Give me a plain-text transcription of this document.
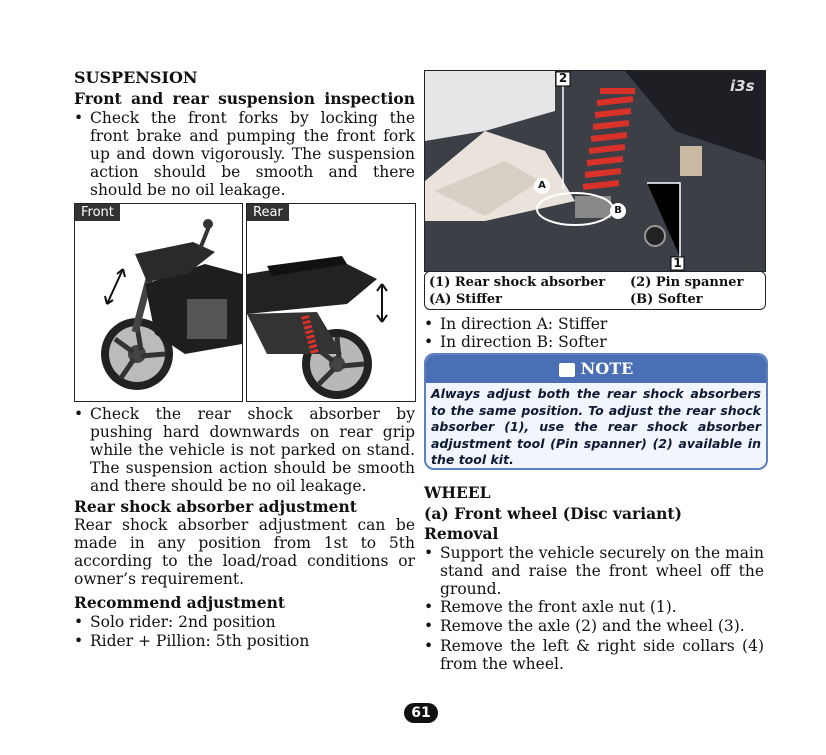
SUSPENSION
Front and rear suspension inspection
• Check the front forks by locking the front brake and pumping the front fork up and down vigorously. The suspension action should be smooth and there should be no oil leakage.
Front	Rear
• Check the rear shock absorber by pushing hard downwards on rear grip while the vehicle is not parked on stand. The suspension action should be smooth and there should be no oil leakage.
Rear shock absorber adjustment
Rear shock absorber adjustment can be made in any position from 1st to 5th according to the load/road conditions or owner’s requirement.
Recommend adjustment
• Solo rider: 2nd position
• Rider + Pillion: 5th position
2
1
A
B
i3s
(1) Rear shock absorber (2) Pin spanner
(A) Stiffer	(B) Softer
• In direction A: Stiffer
• In direction B: Softer
NOTE
Always adjust both the rear shock absorbers to the same position. To adjust the rear shock absorber (1), use the rear shock absorber adjustment tool (Pin spanner) (2) available in the tool kit.
WHEEL
(a) Front wheel (Disc variant)
Removal
• Support the vehicle securely on the main stand and raise the front wheel off the ground.
• Remove the front axle nut (1).
• Remove the axle (2) and the wheel (3).
• Remove the left & right side collars (4) from the wheel.
61
